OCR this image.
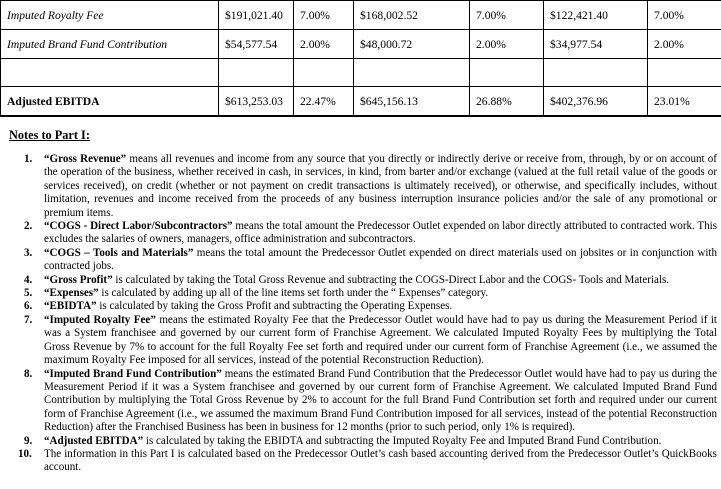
Imputed Royalty Fee	$191,021.40	7.00%	$168,002.52	7.00%	$122,421.40	7.00%
Imputed Brand Fund Contribution	$54,577.54	2.00%	$48,000.72	2.00%	$34,977.54	2.00%

Adjusted EBITDA	$613,253.03	22.47%	$645,156.13	26.88%	$402,376.96	23.01%
Notes to Part I:
1. “Gross Revenue” means all revenues and income from any source that you directly or indirectly derive or receive from, through, by or on account of the operation of the business, whether received in cash, in services, in kind, from barter and/or exchange (valued at the full retail value of the goods or services received), on credit (whether or not payment on credit transactions is ultimately received), or otherwise, and specifically includes, without limitation, revenues and income received from the proceeds of any business interruption insurance policies and/or the sale of any promotional or premium items.
2. “COGS - Direct Labor/Subcontractors” means the total amount the Predecessor Outlet expended on labor directly attributed to contracted work. This excludes the salaries of owners, managers, office administration and subcontractors.
3. “COGS – Tools and Materials” means the total amount the Predecessor Outlet expended on direct materials used on jobsites or in conjunction with contracted jobs.
4. “Gross Profit” is calculated by taking the Total Gross Revenue and subtracting the COGS-Direct Labor and the COGS- Tools and Materials.
5. “Expenses” is calculated by adding up all of the line items set forth under the “ Expenses” category.
6. “EBIDTA” is calculated by taking the Gross Profit and subtracting the Operating Expenses.
7. “Imputed Royalty Fee” means the estimated Royalty Fee that the Predecessor Outlet would have had to pay us during the Measurement Period if it was a System franchisee and governed by our current form of Franchise Agreement. We calculated Imputed Royalty Fees by multiplying the Total Gross Revenue by 7% to account for the full Royalty Fee set forth and required under our current form of Franchise Agreement (i.e., we assumed the maximum Royalty Fee imposed for all services, instead of the potential Reconstruction Reduction).
8. “Imputed Brand Fund Contribution” means the estimated Brand Fund Contribution that the Predecessor Outlet would have had to pay us during the Measurement Period if it was a System franchisee and governed by our current form of Franchise Agreement. We calculated Imputed Brand Fund Contribution by multiplying the Total Gross Revenue by 2% to account for the full Brand Fund Contribution set forth and required under our current form of Franchise Agreement (i.e., we assumed the maximum Brand Fund Contribution imposed for all services, instead of the potential Reconstruction Reduction) after the Franchised Business has been in business for 12 months (prior to such period, only 1% is required).
9. “Adjusted EBITDA” is calculated by taking the EBIDTA and subtracting the Imputed Royalty Fee and Imputed Brand Fund Contribution.
10. The information in this Part I is calculated based on the Predecessor Outlet’s cash based accounting derived from the Predecessor Outlet’s QuickBooks account.
